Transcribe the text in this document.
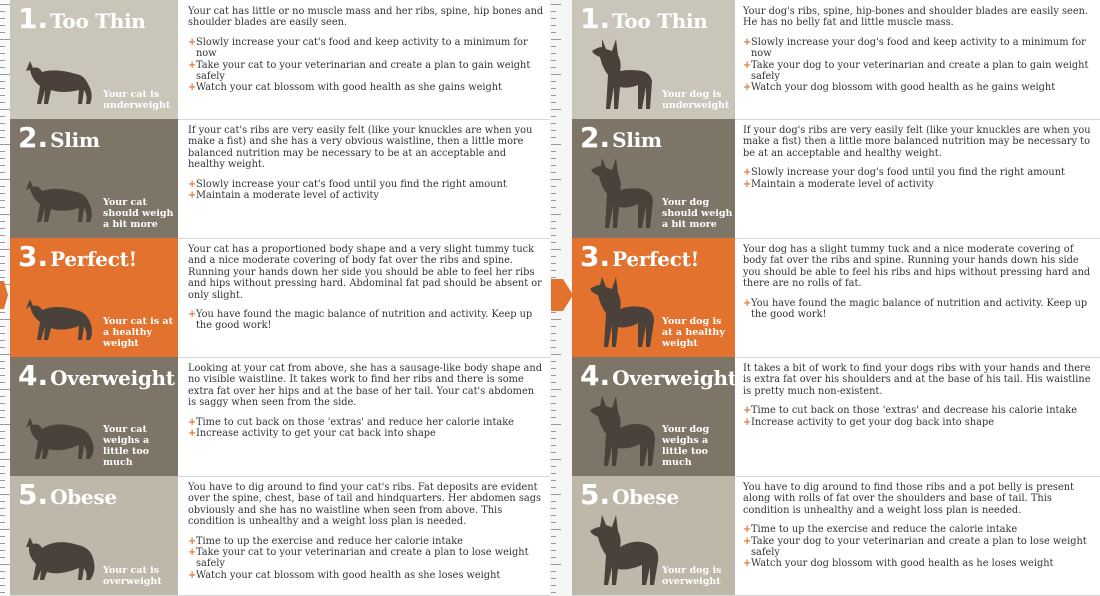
1. Too Thin
Your cat is underweight

Your cat has little or no muscle mass and her ribs, spine, hip bones and shoulder blades are easily seen.

+ Slowly increase your cat's food and keep activity to a minimum for now
+ Take your cat to your veterinarian and create a plan to gain weight safely
+ Watch your cat blossom with good health as she gains weight
2. Slim
Your cat should weigh a bit more

If your cat's ribs are very easily felt (like your knuckles are when you make a fist) and she has a very obvious waistline, then a little more balanced nutrition may be necessary to be at an acceptable and healthy weight.

+ Slowly increase your cat's food until you find the right amount
+ Maintain a moderate level of activity
3. Perfect!
Your cat is at a healthy weight

Your cat has a proportioned body shape and a very slight tummy tuck and a nice moderate covering of body fat over the ribs and spine. Running your hands down her side you should be able to feel her ribs and hips without pressing hard. Abdominal fat pad should be absent or only slight.

+ You have found the magic balance of nutrition and activity. Keep up the good work!
4. Overweight
Your cat weighs a little too much

Looking at your cat from above, she has a sausage-like body shape and no visible waistline. It takes work to find her ribs and there is some extra fat over her hips and at the base of her tail. Your cat's abdomen is saggy when seen from the side.

+ Time to cut back on those 'extras' and reduce her calorie intake
+ Increase activity to get your cat back into shape
5. Obese
Your cat is overweight

You have to dig around to find your cat's ribs. Fat deposits are evident over the spine, chest, base of tail and hindquarters. Her abdomen sags obviously and she has no waistline when seen from above. This condition is unhealthy and a weight loss plan is needed.

+ Time to up the exercise and reduce her calorie intake
+ Take your cat to your veterinarian and create a plan to lose weight safely
+ Watch your cat blossom with good health as she loses weight
1. Too Thin
Your dog is underweight

Your dog's ribs, spine, hip-bones and shoulder blades are easily seen. He has no belly fat and little muscle mass.

+ Slowly increase your dog's food and keep activity to a minimum for now
+ Take your dog to your veterinarian and create a plan to gain weight safely
+ Watch your dog blossom with good health as he gains weight
2. Slim
Your dog should weigh a bit more

If your dog's ribs are very easily felt (like your knuckles are when you make a fist) then a little more balanced nutrition may be necessary to be at an acceptable and healthy weight.

+ Slowly increase your dog's food until you find the right amount
+ Maintain a moderate level of activity
3. Perfect!
Your dog is at a healthy weight

Your dog has a slight tummy tuck and a nice moderate covering of body fat over the ribs and spine. Running your hands down his side you should be able to feel his ribs and hips without pressing hard and there are no rolls of fat.

+ You have found the magic balance of nutrition and activity. Keep up the good work!
4. Overweight
Your dog weighs a little too much

It takes a bit of work to find your dogs ribs with your hands and there is extra fat over his shoulders and at the base of his tail. His waistline is pretty much non-existent.

+ Time to cut back on those 'extras' and decrease his calorie intake
+ Increase activity to get your dog back into shape
5. Obese
Your dog is overweight

You have to dig around to find those ribs and a pot belly is present along with rolls of fat over the shoulders and base of tail. This condition is unhealthy and a weight loss plan is needed.

+ Time to up the exercise and reduce the calorie intake
+ Take your dog to your veterinarian and create a plan to lose weight safely
+ Watch your dog blossom with good health as he loses weight
